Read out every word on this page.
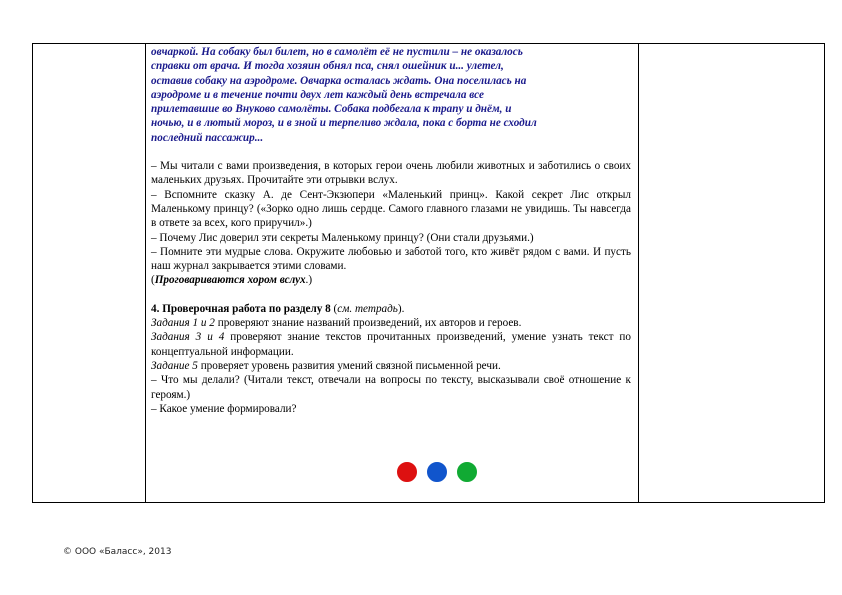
овчаркой. На собаку был билет, но в самолёт её не пустили – не оказалось

справки от врача. И тогда хозяин обнял пса, снял ошейник и... улетел,

оставив собаку на аэродроме. Овчарка осталась ждать. Она поселилась на

аэродроме и в течение почти двух лет каждый день встречала все

прилетавшие во Внуково самолёты. Собака подбегала к трапу и днём, и

ночью, и в лютый мороз, и в зной и терпеливо ждала, пока с борта не сходил

последний пассажир...

– Мы читали с вами произведения, в которых герои очень любили животных и заботились о своих маленьких друзьях. Прочитайте эти отрывки вслух.

– Вспомните сказку А. де Сент-Экзюпери «Маленький принц». Какой секрет Лис открыл Маленькому принцу? («Зорко одно лишь сердце. Самого главного глазами не увидишь. Ты навсегда в ответе за всех, кого приручил».)

– Почему Лис доверил эти секреты Маленькому принцу? (Они стали друзьями.)

– Помните эти мудрые слова. Окружите любовью и заботой того, кто живёт рядом с вами. И пусть наш журнал закрывается этими словами.

(Проговариваются хором вслух.)

4. Проверочная работа по разделу 8 (см. тетрадь).

Задания 1 и 2 проверяют знание названий произведений, их авторов и героев.

Задания 3 и 4 проверяют знание текстов прочитанных произведений, умение узнать текст по концептуальной информации.

Задание 5 проверяет уровень развития умений связной письменной речи.

– Что мы делали? (Читали текст, отвечали на вопросы по тексту, высказывали своё отношение к героям.)

– Какое умение формировали?

© ООО «Баласс», 2013
